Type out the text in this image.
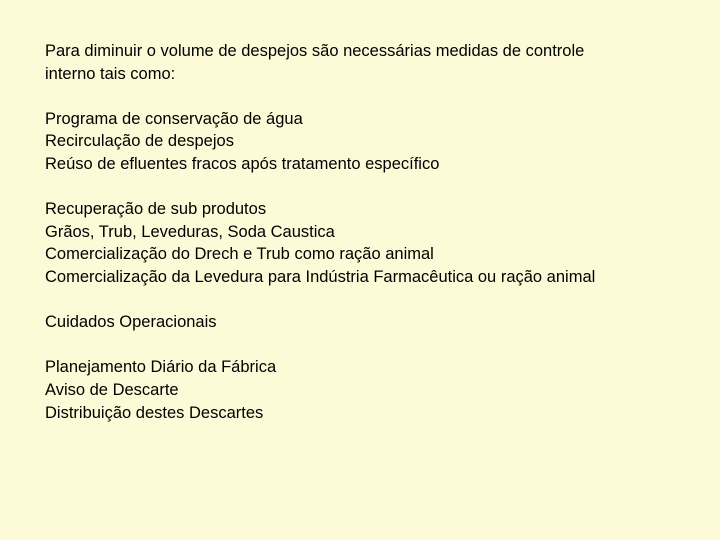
Para diminuir o volume de despejos são necessárias medidas de controle

interno tais como:

Programa de conservação de água

Recirculação de despejos

Reúso de efluentes fracos após tratamento específico

Recuperação de sub produtos

Grãos, Trub, Leveduras, Soda Caustica

Comercialização do Drech e Trub como ração animal

Comercialização da Levedura para Indústria Farmacêutica ou ração animal

Cuidados Operacionais

Planejamento Diário da Fábrica

Aviso de Descarte

Distribuição destes Descartes
